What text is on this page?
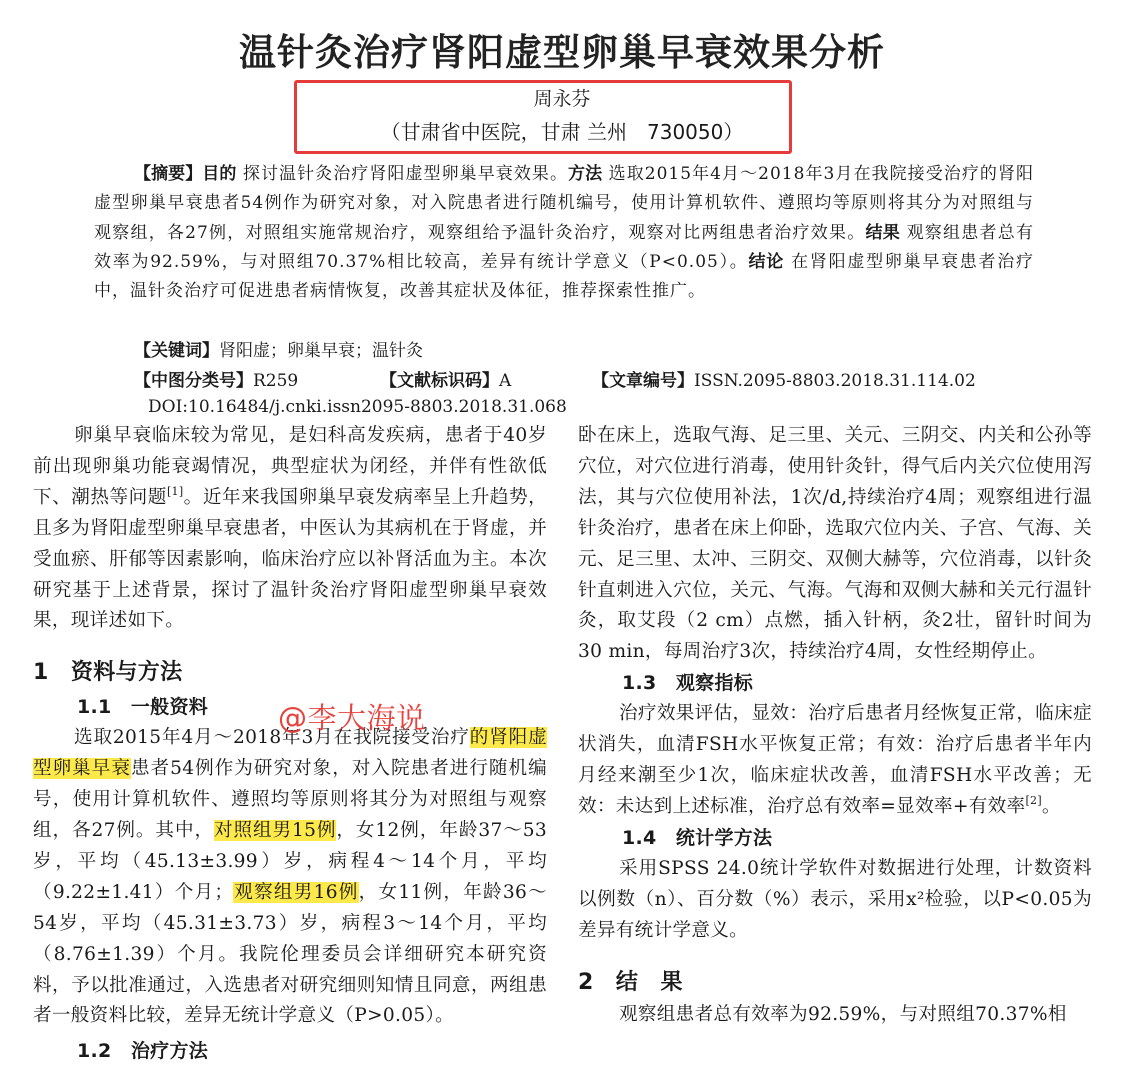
温针灸治疗肾阳虚型卵巢早衰效果分析
周永芬
（甘肃省中医院，甘肃 兰州　730050）
【摘要】目的 探讨温针灸治疗肾阳虚型卵巢早衰效果。方法 选取2015年4月～2018年3月在我院接受治疗的肾阳虚型卵巢早衰患者54例作为研究对象，对入院患者进行随机编号，使用计算机软件、遵照均等原则将其分为对照组与观察组，各27例，对照组实施常规治疗，观察组给予温针灸治疗，观察对比两组患者治疗效果。结果 观察组患者总有效率为92.59%，与对照组70.37%相比较高，差异有统计学意义（P<0.05）。结论 在肾阳虚型卵巢早衰患者治疗中，温针灸治疗可促进患者病情恢复，改善其症状及体征，推荐探索性推广。
【关键词】肾阳虚；卵巢早衰；温针灸
【中图分类号】R259	【文献标识码】A	【文章编号】ISSN.2095-8803.2018.31.114.02
DOI:10.16484/j.cnki.issn2095-8803.2018.31.068

卵巢早衰临床较为常见，是妇科高发疾病，患者于40岁前出现卵巢功能衰竭情况，典型症状为闭经，并伴有性欲低下、潮热等问题[1]。近年来我国卵巢早衰发病率呈上升趋势，且多为肾阳虚型卵巢早衰患者，中医认为其病机在于肾虚，并受血瘀、肝郁等因素影响，临床治疗应以补肾活血为主。本次研究基于上述背景，探讨了温针灸治疗肾阳虚型卵巢早衰效果，现详述如下。

1　资料与方法

1.1　一般资料

选取2015年4月～2018年3月在我院接受治疗的肾阳虚型卵巢早衰患者54例作为研究对象，对入院患者进行随机编号，使用计算机软件、遵照均等原则将其分为对照组与观察组，各27例。其中，对照组男15例，女12例，年龄37～53岁，平均（45.13±3.99）岁，病程4～14个月，平均（9.22±1.41）个月；观察组男16例，女11例，年龄36～54岁，平均（45.31±3.73）岁，病程3～14个月，平均（8.76±1.39）个月。我院伦理委员会详细研究本研究资料，予以批准通过，入选患者对研究细则知情且同意，两组患者一般资料比较，差异无统计学意义（P>0.05）。

1.2　治疗方法

卧在床上，选取气海、足三里、关元、三阴交、内关和公孙等穴位，对穴位进行消毒，使用针灸针，得气后内关穴位使用泻法，其与穴位使用补法，1次/d,持续治疗4周；观察组进行温针灸治疗，患者在床上仰卧，选取穴位内关、子宫、气海、关元、足三里、太冲、三阴交、双侧大赫等，穴位消毒，以针灸针直刺进入穴位，关元、气海。气海和双侧大赫和关元行温针灸，取艾段（2 cm）点燃，插入针柄，灸2壮，留针时间为30 min，每周治疗3次，持续治疗4周，女性经期停止。

1.3　观察指标

治疗效果评估，显效：治疗后患者月经恢复正常，临床症状消失，血清FSH水平恢复正常；有效：治疗后患者半年内月经来潮至少1次，临床症状改善，血清FSH水平改善；无效：未达到上述标准，治疗总有效率=显效率+有效率[2]。

1.4　统计学方法

采用SPSS 24.0统计学软件对数据进行处理，计数资料以例数（n）、百分数（%）表示，采用x²检验，以P<0.05为差异有统计学意义。

2　结　果

观察组患者总有效率为92.59%，与对照组70.37%相

@李大海说
